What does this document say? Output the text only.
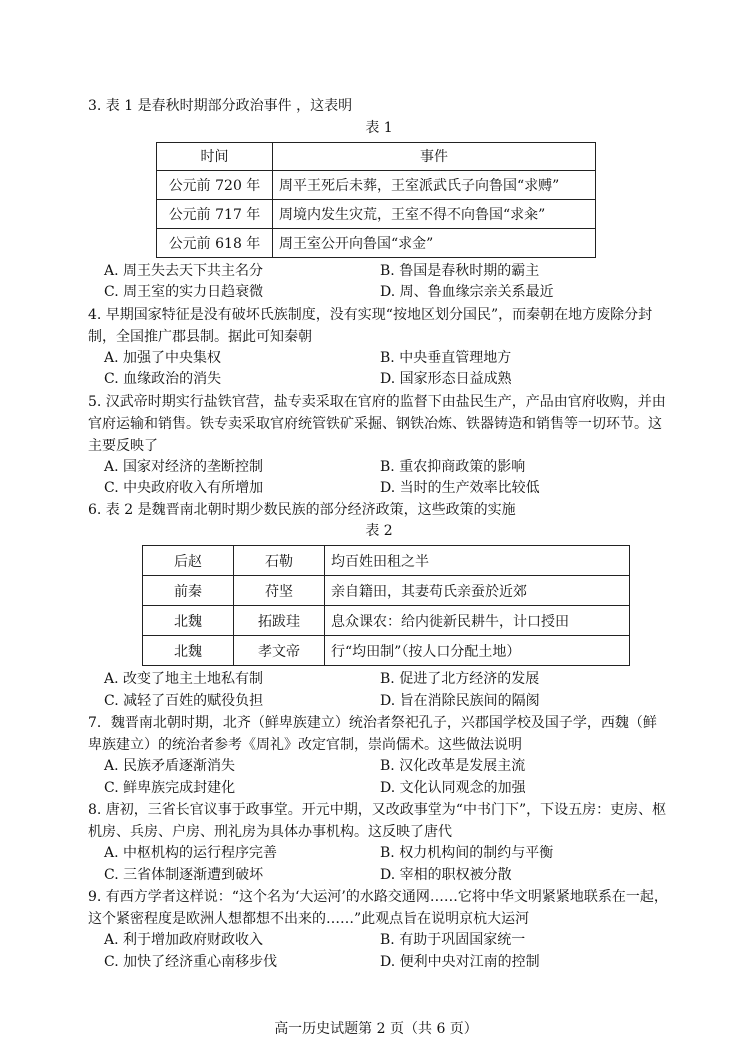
3. 表 1 是春秋时期部分政治事件 ，这表明

表 1

时间	事件
公元前 720 年	周平王死后未葬，王室派武氏子向鲁国“求赙”
公元前 717 年	周境内发生灾荒，王室不得不向鲁国“求籴”
公元前 618 年	周王室公开向鲁国“求金”
A. 周王失去天下共主名分	B. 鲁国是春秋时期的霸主
C. 周王室的实力日趋衰微	D. 周、鲁血缘宗亲关系最近

4. 早期国家特征是没有破坏氏族制度，没有实现“按地区划分国民”，而秦朝在地方废除分封制，全国推广郡县制。据此可知秦朝

A. 加强了中央集权	B. 中央垂直管理地方
C. 血缘政治的消失	D. 国家形态日益成熟

5. 汉武帝时期实行盐铁官营，盐专卖采取在官府的监督下由盐民生产，产品由官府收购，并由官府运输和销售。铁专卖采取官府统管铁矿采掘、钢铁冶炼、铁器铸造和销售等一切环节。这主要反映了

A. 国家对经济的垄断控制	B. 重农抑商政策的影响
C. 中央政府收入有所增加	D. 当时的生产效率比较低

6. 表 2 是魏晋南北朝时期少数民族的部分经济政策，这些政策的实施

表 2

后赵	石勒	均百姓田租之半
前秦	苻坚	亲自籍田，其妻苟氏亲蚕於近郊
北魏	拓跋珪	息众课农：给内徙新民耕牛，计口授田
北魏	孝文帝	行“均田制”（按人口分配土地）
A. 改变了地主土地私有制	B. 促进了北方经济的发展
C. 减轻了百姓的赋役负担	D. 旨在消除民族间的隔阂

7．魏晋南北朝时期，北齐（鲜卑族建立）统治者祭祀孔子，兴郡国学校及国子学，西魏（鲜卑族建立）的统治者参考《周礼》改定官制，崇尚儒术。这些做法说明

A. 民族矛盾逐渐消失	B. 汉化改革是发展主流
C. 鲜卑族完成封建化	D. 文化认同观念的加强

8. 唐初，三省长官议事于政事堂。开元中期，又改政事堂为“中书门下”，下设五房：吏房、枢机房、兵房、户房、刑礼房为具体办事机构。这反映了唐代

A. 中枢机构的运行程序完善	B. 权力机构间的制约与平衡
C. 三省体制逐渐遭到破坏	D. 宰相的职权被分散

9. 有西方学者这样说：“这个名为‘大运河’的水路交通网……它将中华文明紧紧地联系在一起，这个紧密程度是欧洲人想都想不出来的……”此观点旨在说明京杭大运河

A. 利于增加政府财政收入	B. 有助于巩固国家统一
C. 加快了经济重心南移步伐	D. 便利中央对江南的控制
高一历史试题第 2 页（共 6 页）
